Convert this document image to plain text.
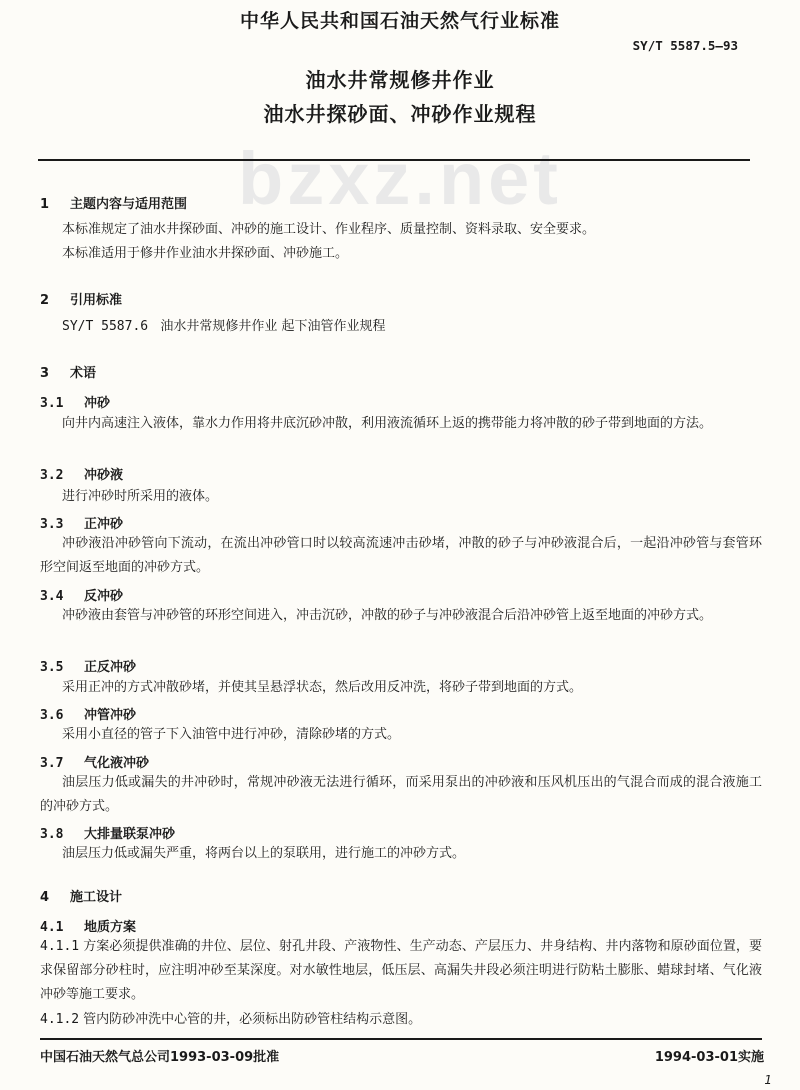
bzxz.net
中华人民共和国石油天然气行业标准
SY/T 5587.5—93
油水井常规修井作业
油水井探砂面、冲砂作业规程
1 主题内容与适用范围
本标准规定了油水井探砂面、冲砂的施工设计、作业程序、质量控制、资料录取、安全要求。
本标准适用于修井作业油水井探砂面、冲砂施工。
2 引用标准
SY/T 5587.6 油水井常规修井作业 起下油管作业规程
3 术语
3.1 冲砂
向井内高速注入液体，靠水力作用将井底沉砂冲散，利用液流循环上返的携带能力将冲散的砂子带到地面的方法。
3.2 冲砂液
进行冲砂时所采用的液体。
3.3 正冲砂
冲砂液沿冲砂管向下流动，在流出冲砂管口时以较高流速冲击砂堵，冲散的砂子与冲砂液混合后，一起沿冲砂管与套管环形空间返至地面的冲砂方式。
3.4 反冲砂
冲砂液由套管与冲砂管的环形空间进入，冲击沉砂，冲散的砂子与冲砂液混合后沿冲砂管上返至地面的冲砂方式。
3.5 正反冲砂
采用正冲的方式冲散砂堵，并使其呈悬浮状态，然后改用反冲洗，将砂子带到地面的方式。
3.6 冲管冲砂
采用小直径的管子下入油管中进行冲砂，清除砂堵的方式。
3.7 气化液冲砂
油层压力低或漏失的井冲砂时，常规冲砂液无法进行循环，而采用泵出的冲砂液和压风机压出的气混合而成的混合液施工的冲砂方式。
3.8 大排量联泵冲砂
油层压力低或漏失严重，将两台以上的泵联用，进行施工的冲砂方式。
4 施工设计
4.1 地质方案
4.1.1 方案必须提供准确的井位、层位、射孔井段、产液物性、生产动态、产层压力、井身结构、井内落物和原砂面位置，要求保留部分砂柱时，应注明冲砂至某深度。对水敏性地层，低压层、高漏失井段必须注明进行防粘土膨胀、蜡球封堵、气化液冲砂等施工要求。
4.1.2 管内防砂冲洗中心管的井，必须标出防砂管柱结构示意图。
中国石油天然气总公司1993-03-09批准	1994-03-01实施
1
